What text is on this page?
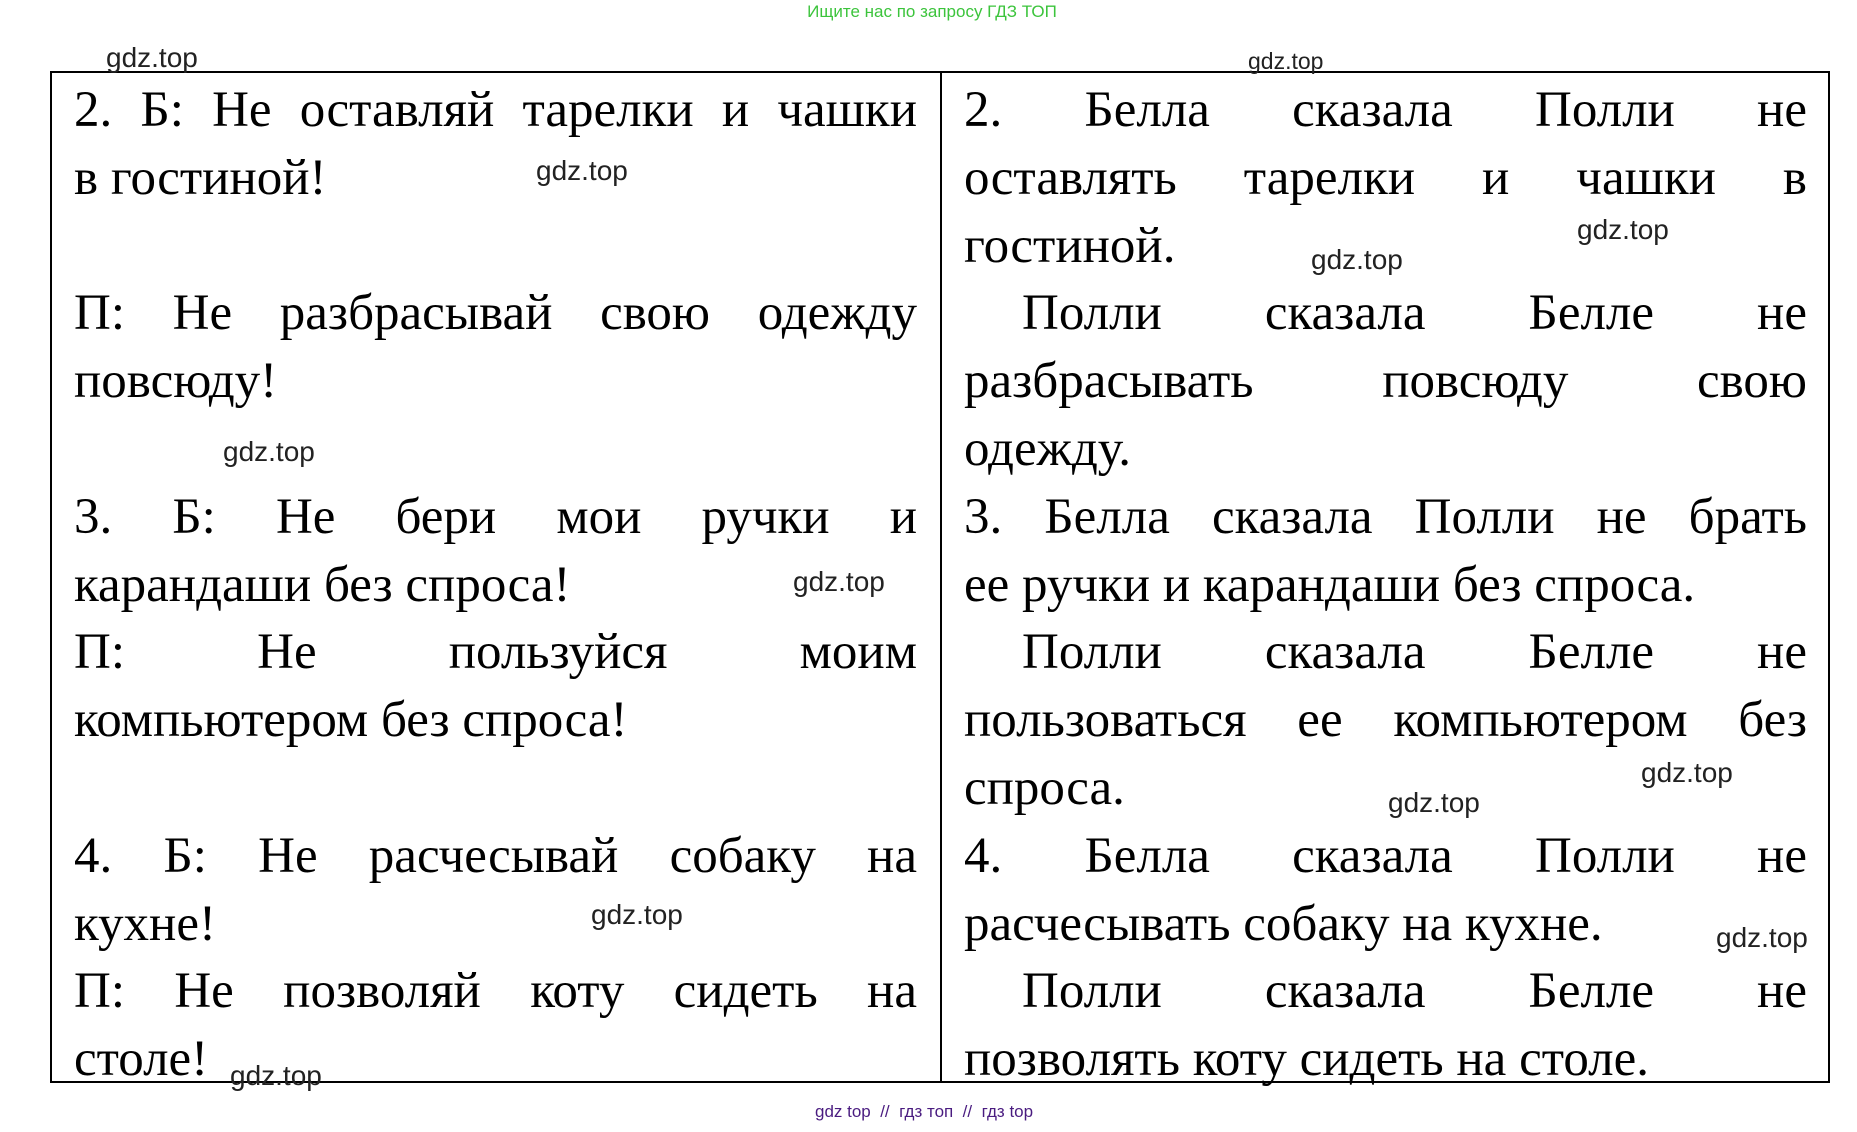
Ищите нас по запросу ГДЗ ТОП
2. Б: Не оставляй тарелки и чашки
в гостиной!

П: Не разбрасывай свою одежду
повсюду!

3. Б: Не бери мои ручки и
карандаши без спроса!
П: Не пользуйся моим
компьютером без спроса!

4. Б: Не расчесывай собаку на
кухне!
П: Не позволяй коту сидеть на
столе!
2. Белла сказала Полли не
оставлять тарелки и чашки в
гостиной.
Полли сказала Белле не
разбрасывать повсюду свою
одежду.
3. Белла сказала Полли не брать
ее ручки и карандаши без спроса.
Полли сказала Белле не
пользоваться ее компьютером без
спроса.
4. Белла сказала Полли не
расчесывать собаку на кухне.
Полли сказала Белле не
позволять коту сидеть на столе.
gdz.top
gdz.top
gdz.top
gdz.top
gdz.top
gdz.top
gdz.top
gdz.top
gdz.top
gdz.top
gdz.top
gdz.top
gdz top  //  гдз топ  //  гдз top
